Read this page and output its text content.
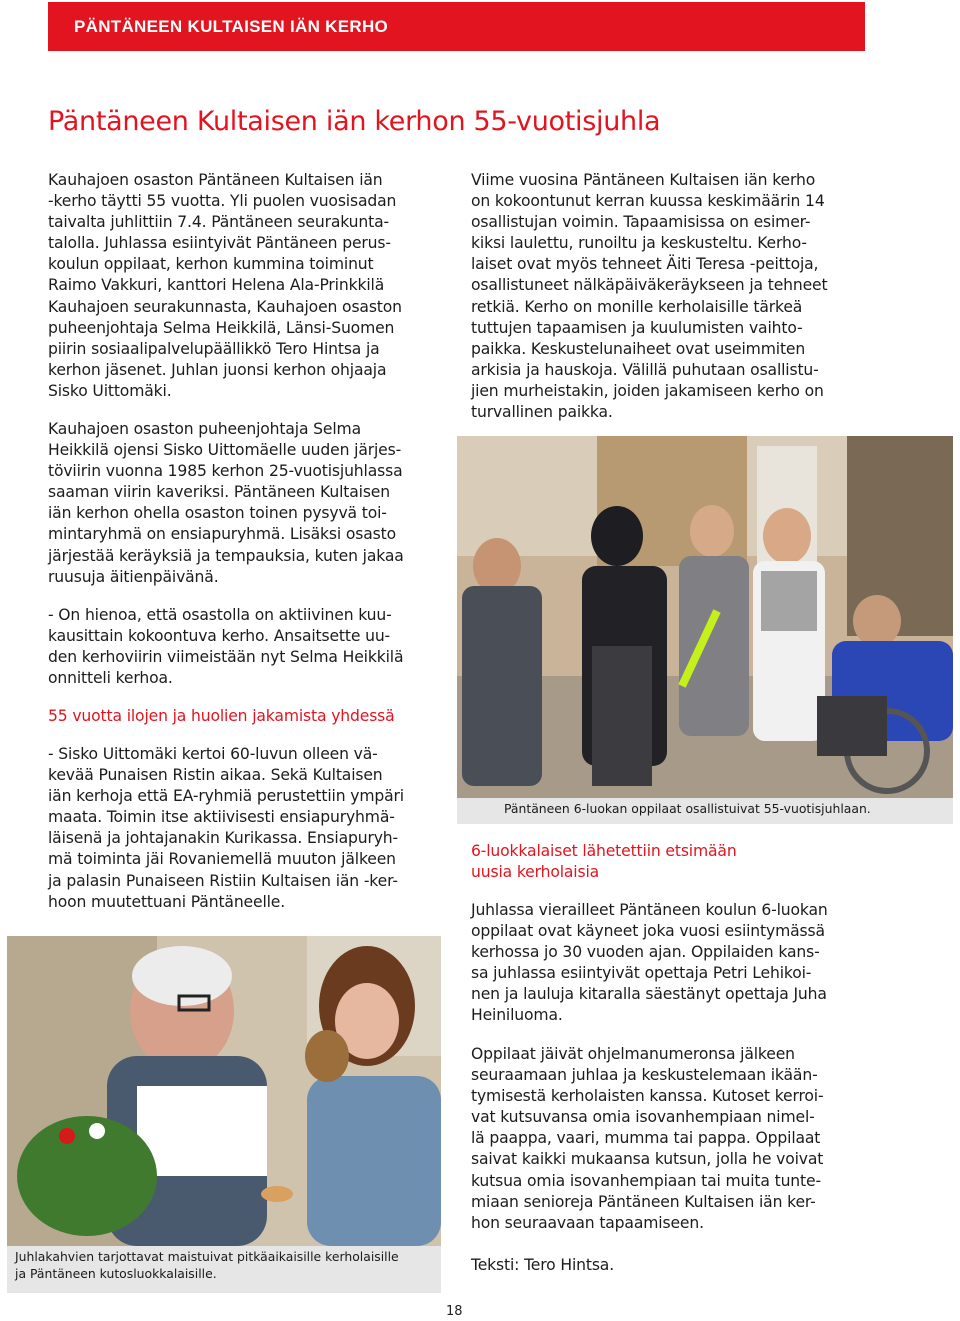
PÄNTÄNEEN KULTAISEN IÄN KERHO
Päntäneen Kultaisen iän kerhon 55-vuotisjuhla

Kauhajoen osaston Päntäneen Kultaisen iän
-kerho täytti 55 vuotta. Yli puolen vuosisadan
taivalta juhlittiin 7.4. Päntäneen seurakunta-
talolla. Juhlassa esiintyivät Päntäneen perus-
koulun oppilaat, kerhon kummina toiminut
Raimo Vakkuri, kanttori Helena Ala-Prinkkilä
Kauhajoen seurakunnasta, Kauhajoen osaston
puheenjohtaja Selma Heikkilä, Länsi-Suomen
piirin sosiaalipalvelupäällikkö Tero Hintsa ja
kerhon jäsenet. Juhlan juonsi kerhon ohjaaja
Sisko Uittomäki.

Kauhajoen osaston puheenjohtaja Selma
Heikkilä ojensi Sisko Uittomäelle uuden järjes-
töviirin vuonna 1985 kerhon 25-vuotisjuhlassa
saaman viirin kaveriksi. Päntäneen Kultaisen
iän kerhon ohella osaston toinen pysyvä toi-
mintaryhmä on ensiapuryhmä. Lisäksi osasto
järjestää keräyksiä ja tempauksia, kuten jakaa
ruusuja äitienpäivänä.

- On hienoa, että osastolla on aktiivinen kuu-
kausittain kokoontuva kerho. Ansaitsette uu-
den kerhoviirin viimeistään nyt Selma Heikkilä
onnitteli kerhoa.

55 vuotta ilojen ja huolien jakamista yhdessä

- Sisko Uittomäki kertoi 60-luvun olleen vä-
kevää Punaisen Ristin aikaa. Sekä Kultaisen
iän kerhoja että EA-ryhmiä perustettiin ympäri
maata. Toimin itse aktiivisesti ensiapuryhmä-
läisenä ja johtajanakin Kurikassa. Ensiapuryh-
mä toiminta jäi Rovaniemellä muuton jälkeen
ja palasin Punaiseen Ristiin Kultaisen iän -ker-
hoon muutettuani Päntäneelle.

Viime vuosina Päntäneen Kultaisen iän kerho
on kokoontunut kerran kuussa keskimäärin 14
osallistujan voimin. Tapaamisissa on esimer-
kiksi laulettu, runoiltu ja keskusteltu. Kerho-
laiset ovat myös tehneet Äiti Teresa -peittoja,
osallistuneet nälkäpäiväkeräykseen ja tehneet
retkiä. Kerho on monille kerholaisille tärkeä
tuttujen tapaamisen ja kuulumisten vaihto-
paikka. Keskustelunaiheet ovat useimmiten
arkisia ja hauskoja. Välillä puhutaan osallistu-
jien murheistakin, joiden jakamiseen kerho on
turvallinen paikka.

Päntäneen 6-luokan oppilaat osallistuivat 55-vuotisjuhlaan.

6-luokkalaiset lähetettiin etsimään
uusia kerholaisia

Juhlassa vierailleet Päntäneen koulun 6-luokan
oppilaat ovat käyneet joka vuosi esiintymässä
kerhossa jo 30 vuoden ajan. Oppilaiden kans-
sa juhlassa esiintyivät opettaja Petri Lehikoi-
nen ja lauluja kitaralla säestänyt opettaja Juha
Heiniluoma.

Oppilaat jäivät ohjelmanumeronsa jälkeen
seuraamaan juhlaa ja keskustelemaan ikään-
tymisestä kerholaisten kanssa. Kutoset kerroi-
vat kutsuvansa omia isovanhempiaan nimel-
lä paappa, vaari, mumma tai pappa. Oppilaat
saivat kaikki mukaansa kutsun, jolla he voivat
kutsua omia isovanhempiaan tai muita tunte-
miaan senioreja Päntäneen Kultaisen iän ker-
hon seuraavaan tapaamiseen.

Teksti: Tero Hintsa.

Juhlakahvien tarjottavat maistuivat pitkäaikaisille kerholaisille
ja Päntäneen kutosluokkalaisille.
18
